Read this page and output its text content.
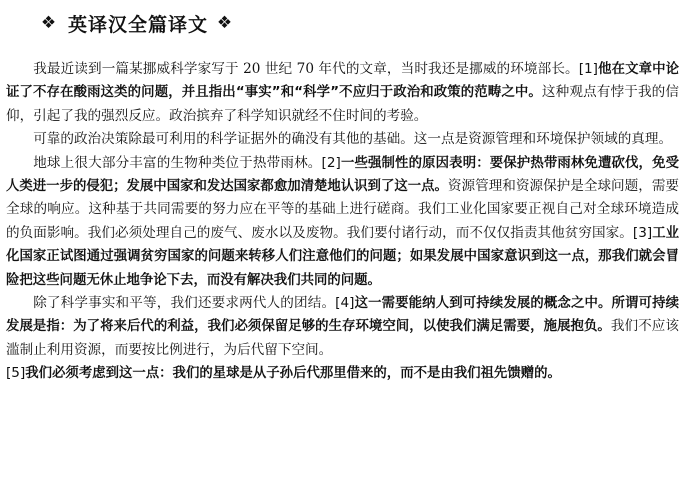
❖ 英译汉全篇译文 ❖

我最近读到一篇某挪威科学家写于 20 世纪 70 年代的文章，当时我还是挪威的环境部长。[1]他在文章中论证了不存在酸雨这类的问题，并且指出“事实”和“科学”不应归于政治和政策的范畴之中。这种观点有悖于我的信仰，引起了我的强烈反应。政治摈弃了科学知识就经不住时间的考验。

可靠的政治决策除最可利用的科学证据外的确没有其他的基础。这一点是资源管理和环境保护领域的真理。

地球上很大部分丰富的生物种类位于热带雨林。[2]一些强制性的原因表明：要保护热带雨林免遭砍伐，免受人类进一步的侵犯；发展中国家和发达国家都愈加清楚地认识到了这一点。资源管理和资源保护是全球问题，需要全球的响应。这种基于共同需要的努力应在平等的基础上进行磋商。我们工业化国家要正视自己对全球环境造成的负面影响。我们必须处理自己的废气、废水以及废物。我们要付诸行动，而不仅仅指责其他贫穷国家。[3]工业化国家正试图通过强调贫穷国家的问题来转移人们注意他们的问题；如果发展中国家意识到这一点，那我们就会冒险把这些问题无休止地争论下去，而没有解决我们共同的问题。

除了科学事实和平等，我们还要求两代人的团结。[4]这一需要能纳人到可持续发展的概念之中。所谓可持续发展是指：为了将来后代的利益，我们必须保留足够的生存环境空间，以使我们满足需要，施展抱负。我们不应该滥制止利用资源，而要按比例进行，为后代留下空间。

[5]我们必须考虑到这一点：我们的星球是从子孙后代那里借来的，而不是由我们祖先馈赠的。
